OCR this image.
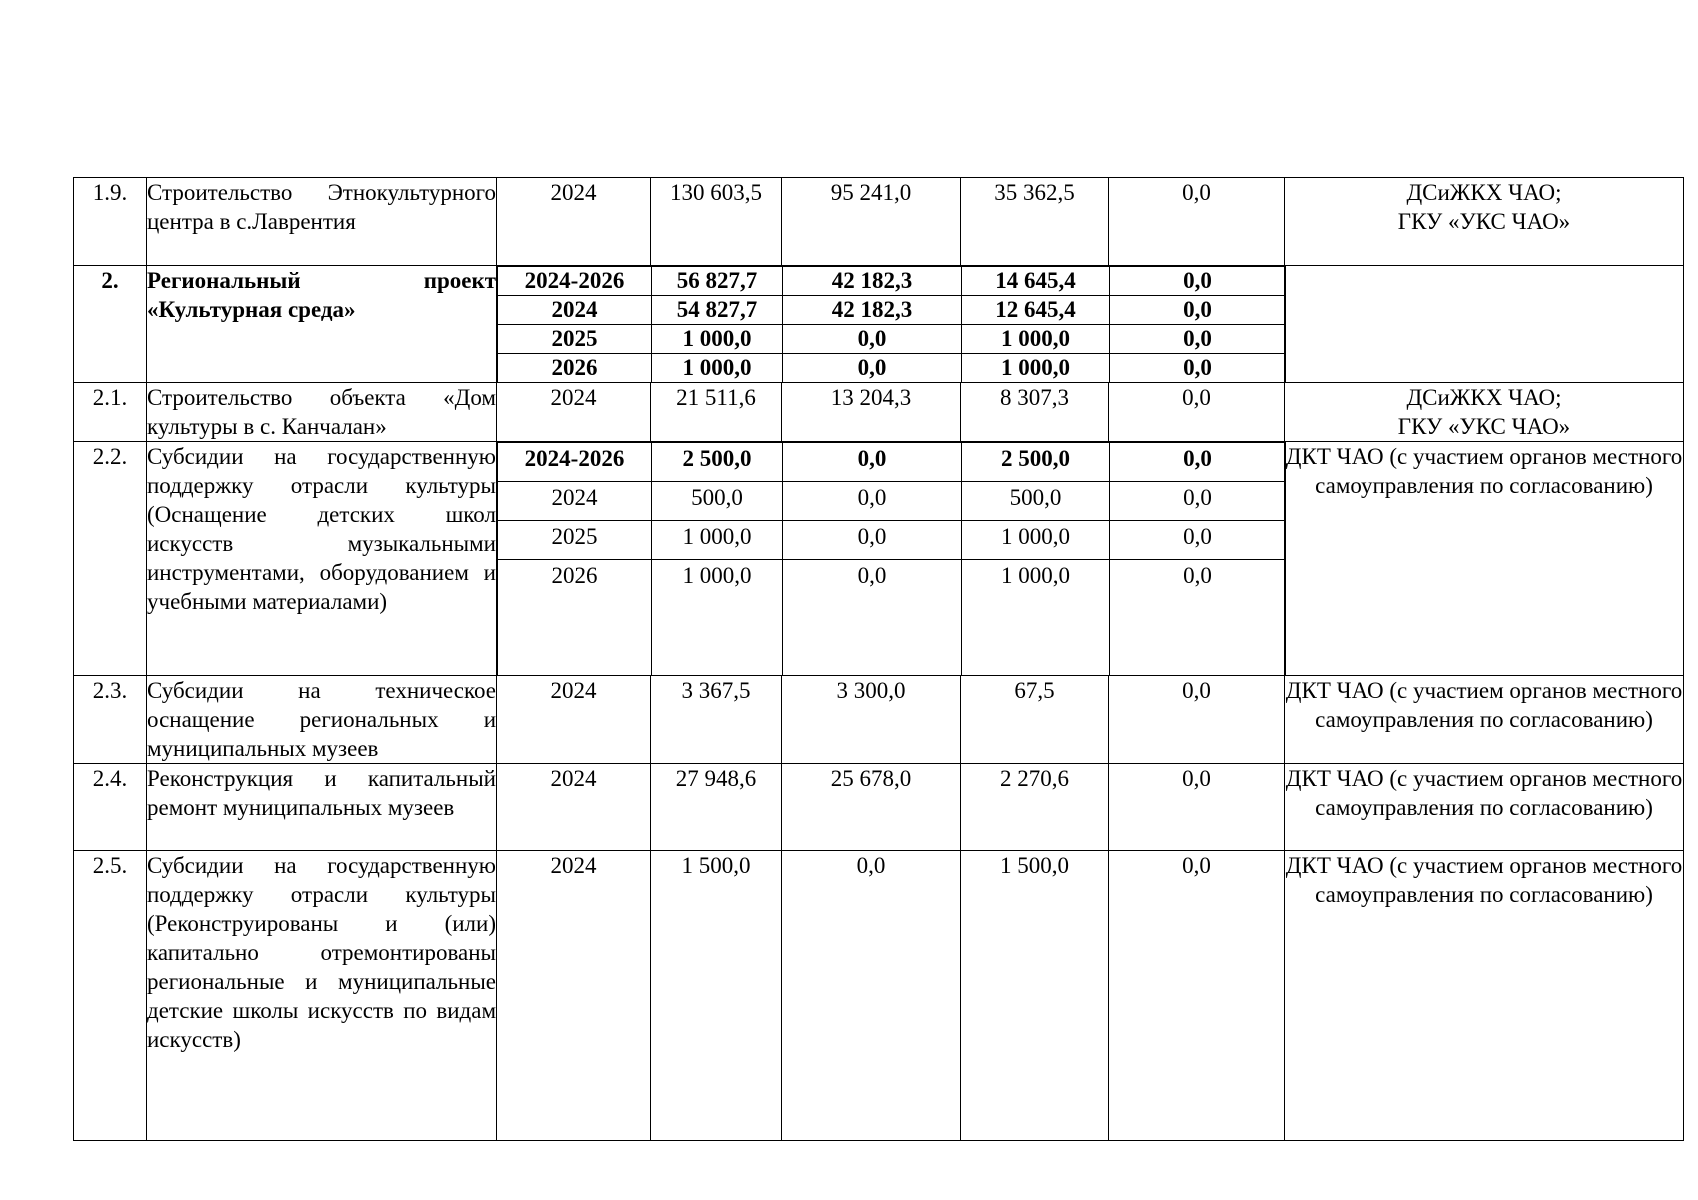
1.9.	Строительство Этнокультурного центра в с.Лаврентия	2024	130 603,5	95 241,0	35 362,5	0,0	ДСиЖКХ ЧАО;
ГКУ «УКС ЧАО»
2.	Региональный проект «Культурная среда»	
2024-2026	56 827,7	42 182,3	14 645,4	0,0
2024	54 827,7	42 182,3	12 645,4	0,0
2025	1 000,0	0,0	1 000,0	0,0
2026	1 000,0	0,0	1 000,0	0,0

2.1.	Строительство объекта «Дом культуры в с. Канчалан»	2024	21 511,6	13 204,3	8 307,3	0,0	ДСиЖКХ ЧАО;
ГКУ «УКС ЧАО»
2.2.	Субсидии на государственную поддержку отрасли культуры (Оснащение детских школ искусств музыкальными инструментами, оборудованием и учебными материалами)	
2024-2026	2 500,0	0,0	2 500,0	0,0
2024	500,0	0,0	500,0	0,0
2025	1 000,0	0,0	1 000,0	0,0
2026	1 000,0	0,0	1 000,0	0,0
	ДКТ ЧАО (с участием органов местного самоуправления по согласованию)
2.3.	Субсидии на техническое оснащение региональных и муниципальных музеев	2024	3 367,5	3 300,0	67,5	0,0	ДКТ ЧАО (с участием органов местного самоуправления по согласованию)
2.4.	Реконструкция и капитальный ремонт муниципальных музеев	2024	27 948,6	25 678,0	2 270,6	0,0	ДКТ ЧАО (с участием органов местного самоуправления по согласованию)
2.5.	Субсидии на государственную поддержку отрасли культуры (Реконструированы и (или) капитально отремонтированы региональные и муниципальные детские школы искусств по видам искусств)	2024	1 500,0	0,0	1 500,0	0,0	ДКТ ЧАО (с участием органов местного самоуправления по согласованию)
